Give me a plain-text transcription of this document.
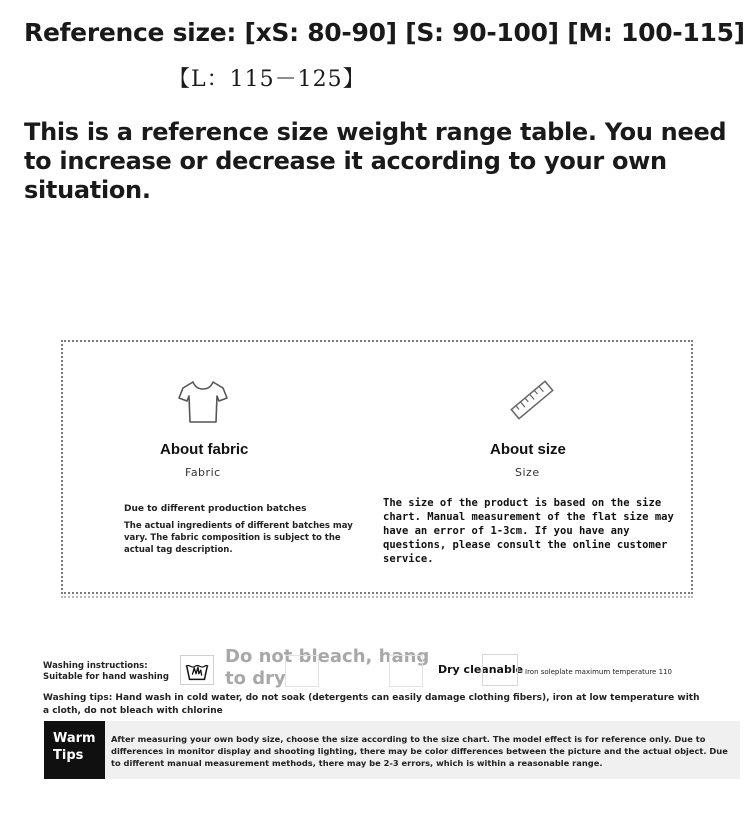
Reference size: [xS: 80-90] [S: 90-100] [M: 100-115]
【L：115－125】
This is a reference size weight range table. You need to increase or decrease it according to your own situation.
About fabric
Fabric
Due to different production batches
The actual ingredients of different batches may vary. The fabric composition is subject to the actual tag description.
About size
Size
The size of the product is based on the size chart. Manual measurement of the flat size may have an error of 1-3cm. If you have any questions, please consult the online customer service.
Washing instructions: Suitable for hand washing
Do not bleach, hang to dry	Dry cleanable Iron soleplate maximum temperature 110
Washing tips: Hand wash in cold water, do not soak (detergents can easily damage clothing fibers), iron at low temperature with a cloth, do not bleach with chlorine
Warm
Tips
After measuring your own body size, choose the size according to the size chart. The model effect is for reference only. Due to differences in monitor display and shooting lighting, there may be color differences between the picture and the actual object. Due to different manual measurement methods, there may be 2-3 errors, which is within a reasonable range.
